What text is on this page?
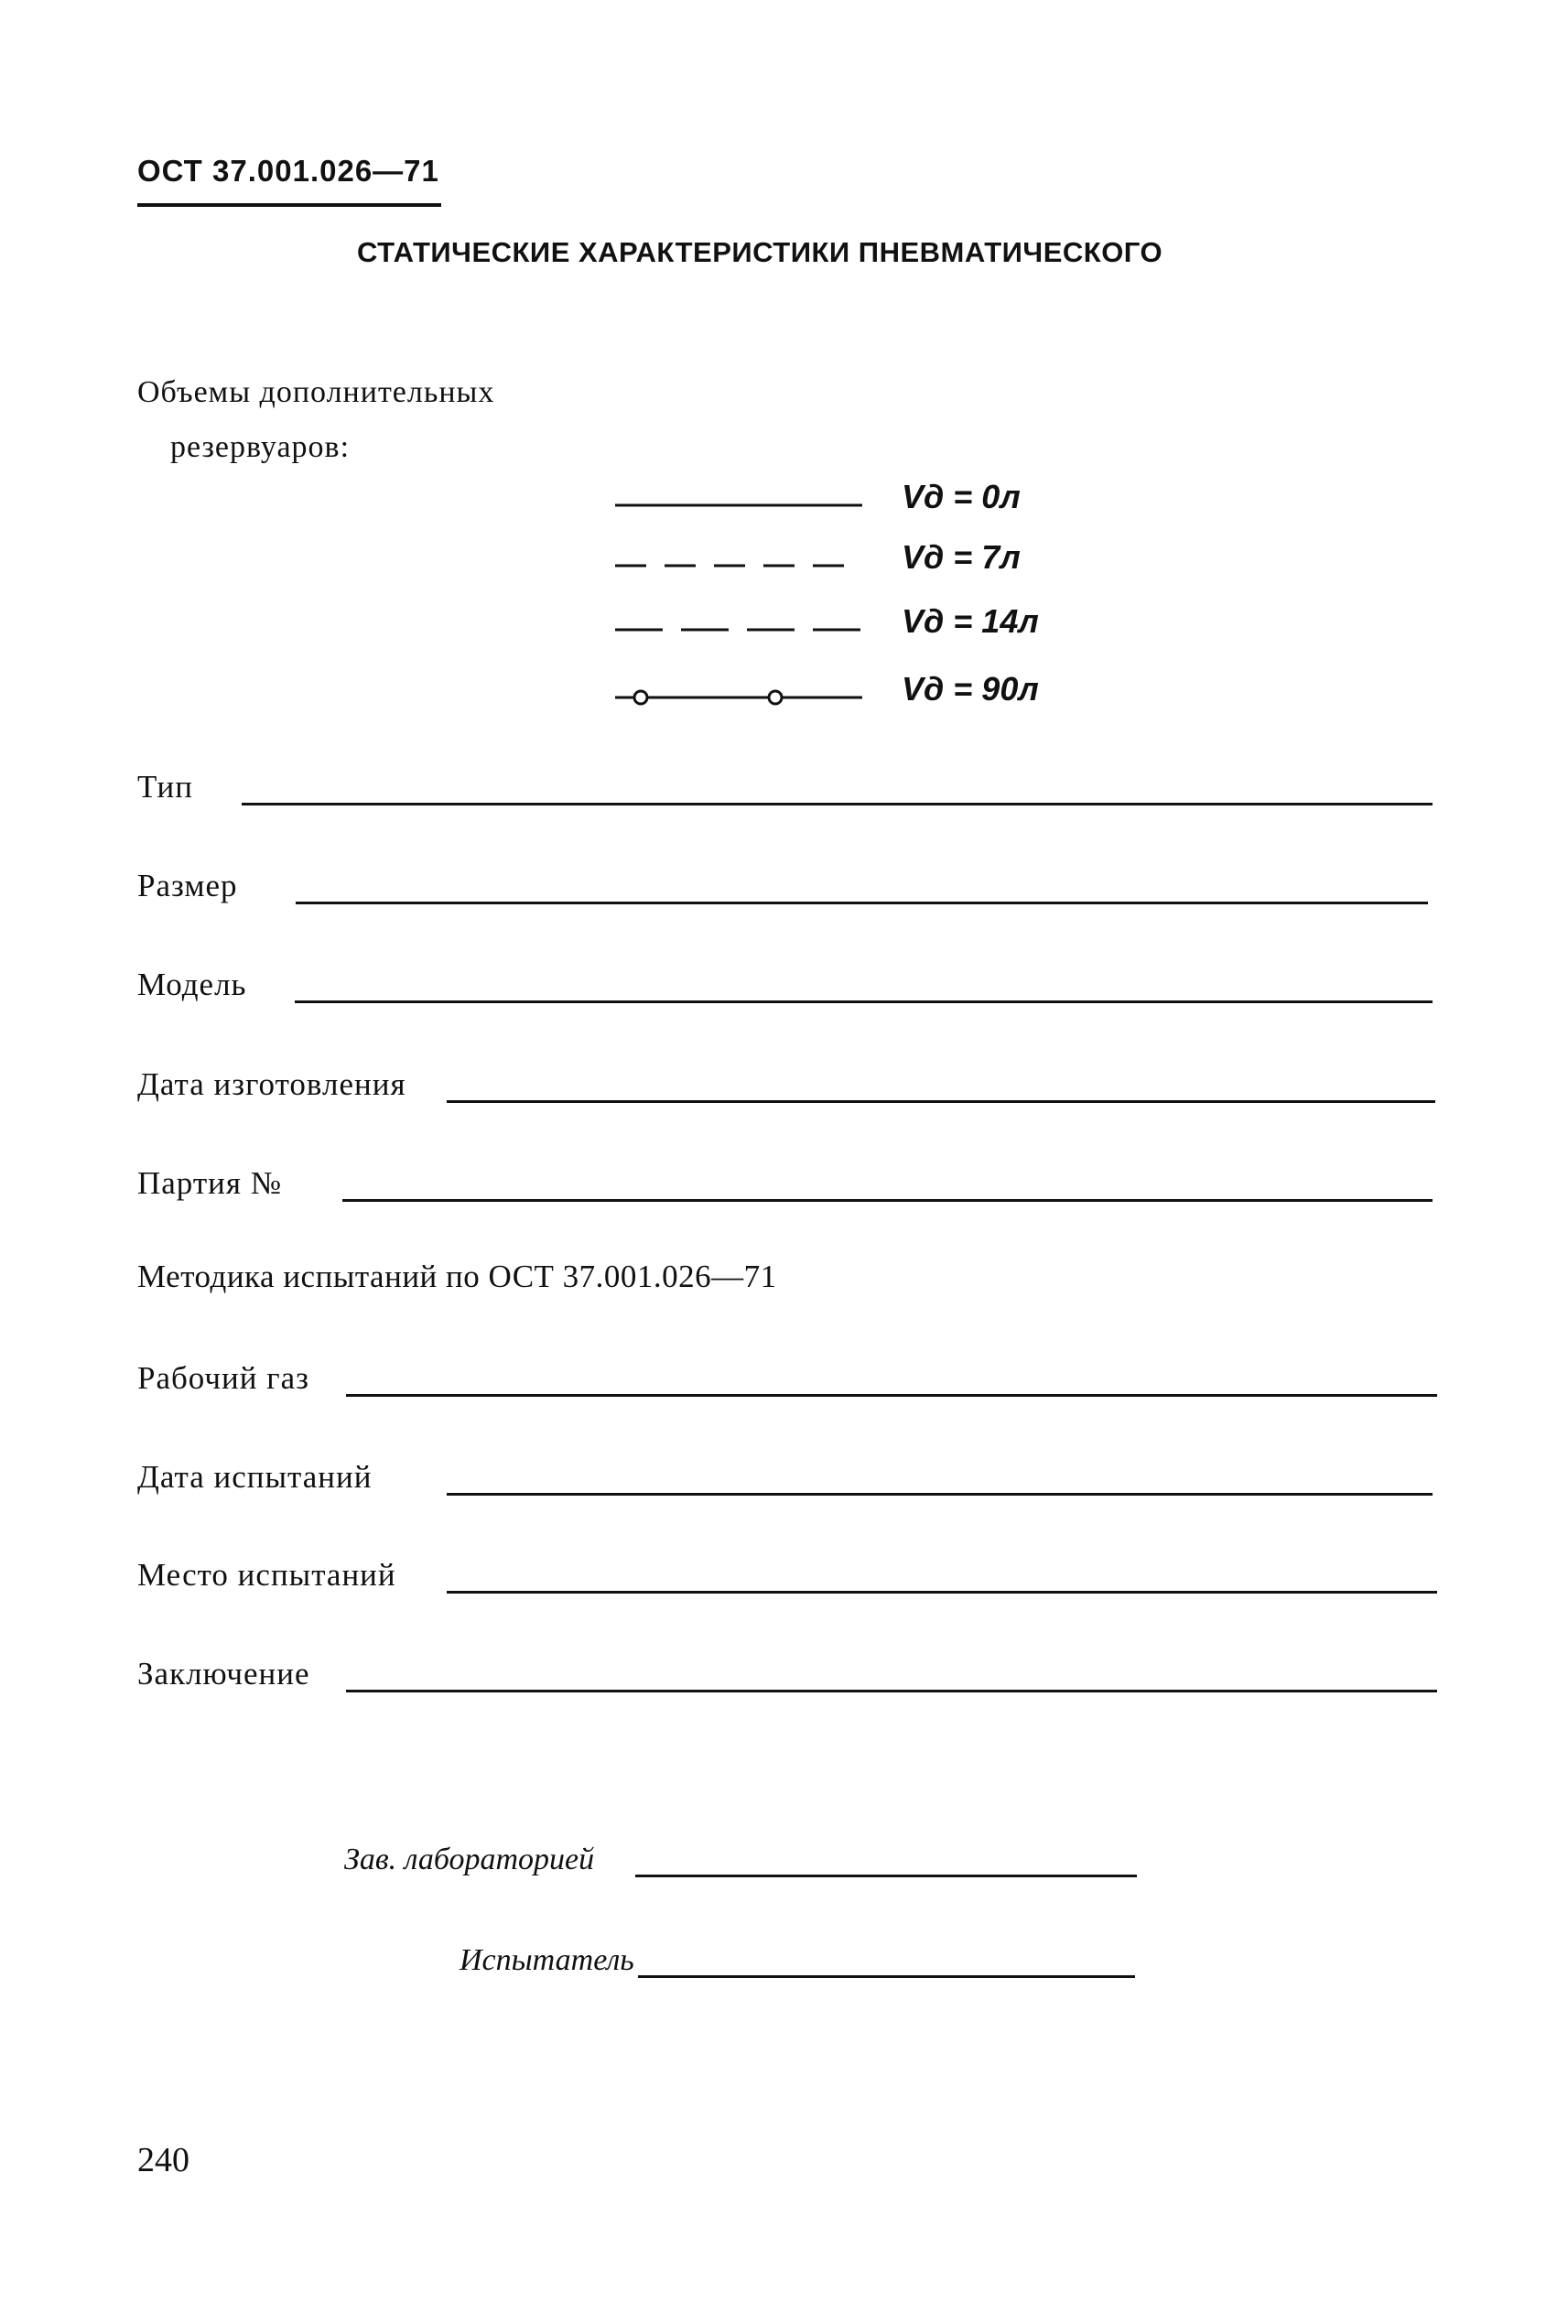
ОСТ 37.001.026—71
СТАТИЧЕСКИЕ ХАРАКТЕРИСТИКИ ПНЕВМАТИЧЕСКОГО
Объемы дополнительных
резервуаров:
Vд = 0л
Vд = 7л
Vд = 14л
Vд = 90л
Тип
Размер
Модель
Дата изготовления
Партия №
Методика испытаний по ОСТ 37.001.026—71
Рабочий газ
Дата испытаний
Место испытаний
Заключение
Зав. лабораторией
Испытатель
240
